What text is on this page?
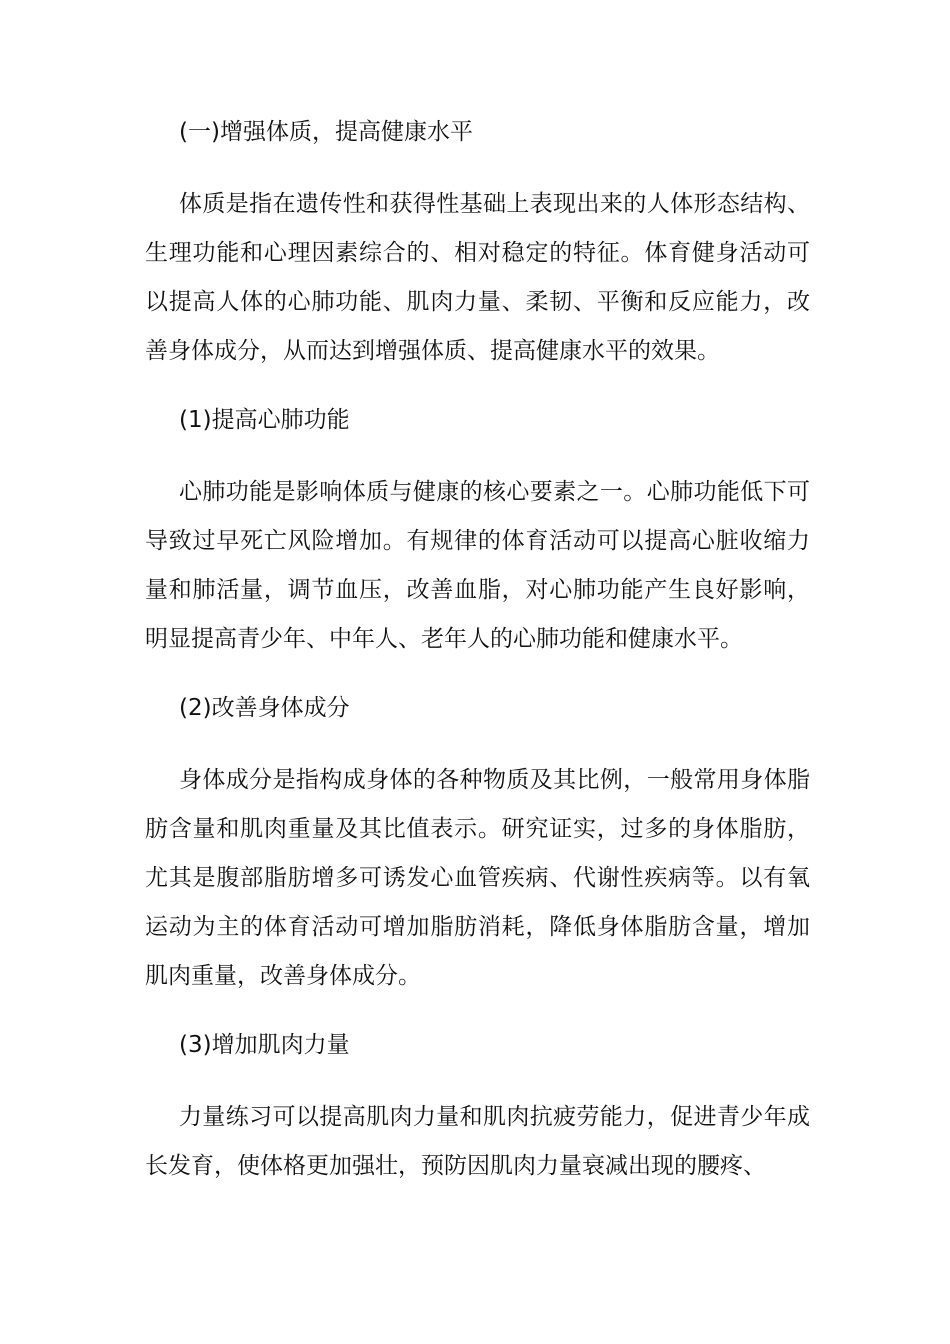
(一)增强体质，提高健康水平

体质是指在遗传性和获得性基础上表现出来的人体形态结构、生理功能和心理因素综合的、相对稳定的特征。体育健身活动可以提高人体的心肺功能、肌肉力量、柔韧、平衡和反应能力，改善身体成分，从而达到增强体质、提高健康水平的效果。

(1)提高心肺功能

心肺功能是影响体质与健康的核心要素之一。心肺功能低下可导致过早死亡风险增加。有规律的体育活动可以提高心脏收缩力量和肺活量，调节血压，改善血脂，对心肺功能产生良好影响，明显提高青少年、中年人、老年人的心肺功能和健康水平。

(2)改善身体成分

身体成分是指构成身体的各种物质及其比例，一般常用身体脂肪含量和肌肉重量及其比值表示。研究证实，过多的身体脂肪，尤其是腹部脂肪增多可诱发心血管疾病、代谢性疾病等。以有氧运动为主的体育活动可增加脂肪消耗，降低身体脂肪含量，增加肌肉重量，改善身体成分。

(3)增加肌肉力量

力量练习可以提高肌肉力量和肌肉抗疲劳能力，促进青少年成长发育，使体格更加强壮，预防因肌肉力量衰减出现的腰疼、
